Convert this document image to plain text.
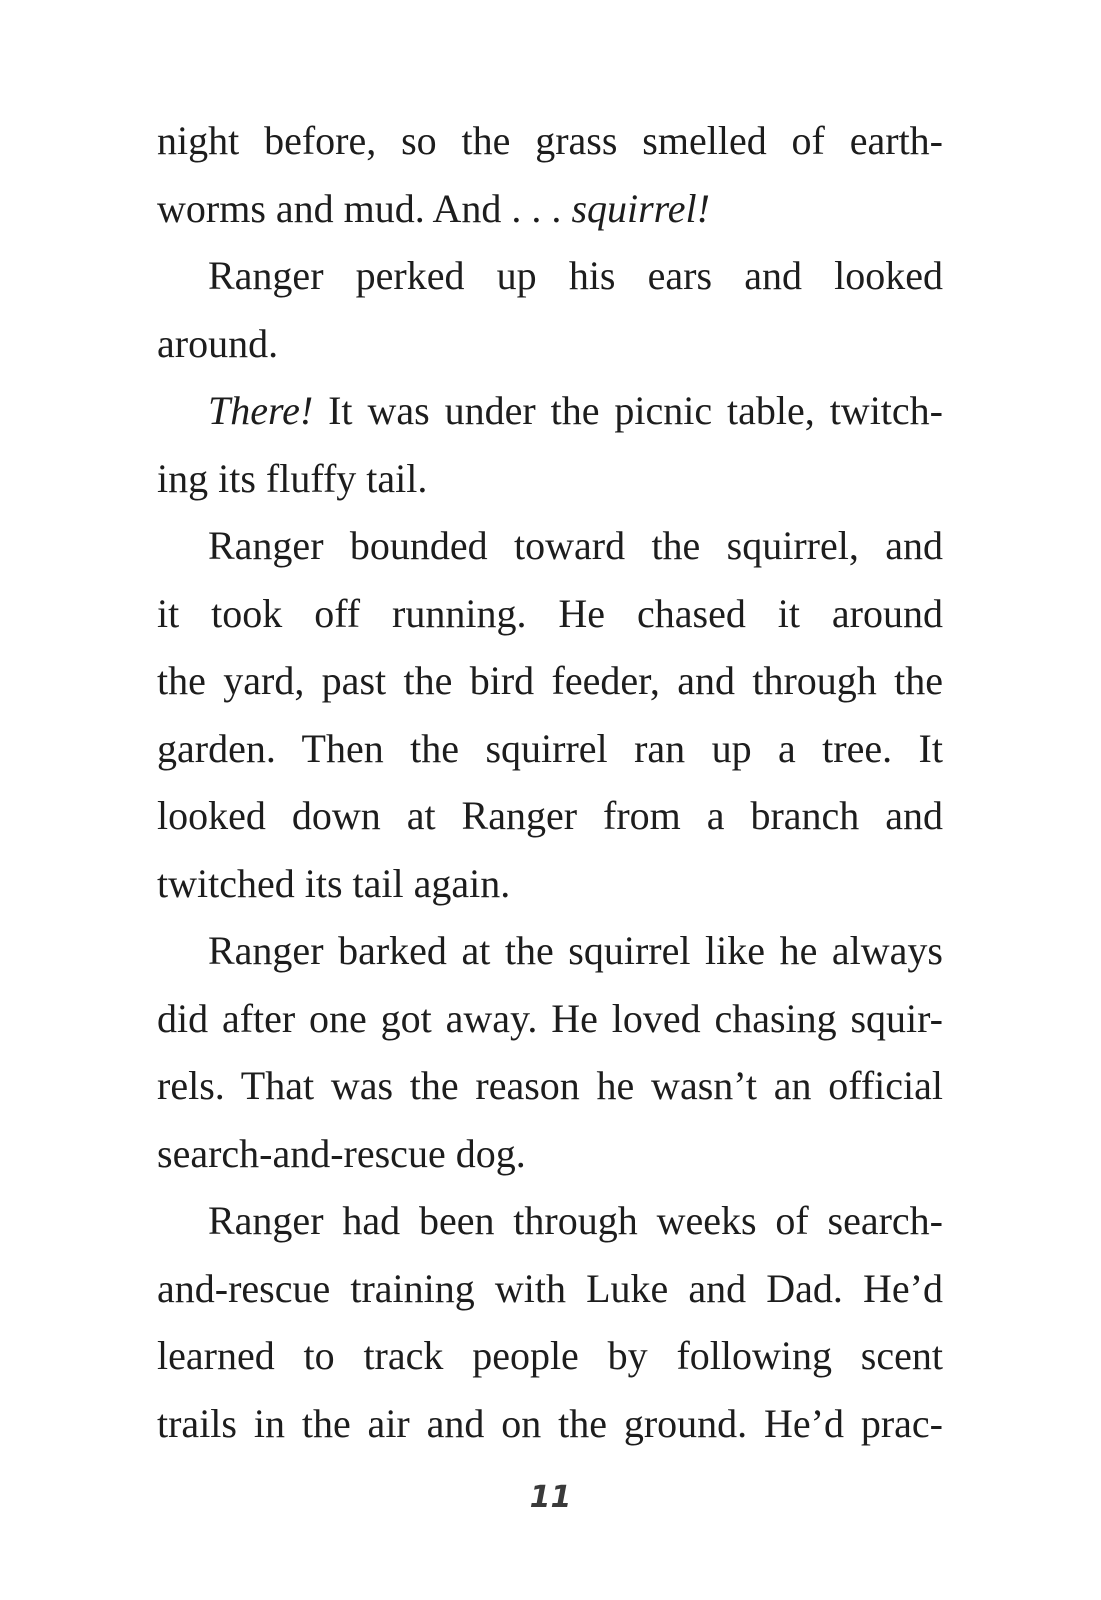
night before, so the grass smelled of earth-
worms and mud. And . . . squirrel!

Ranger perked up his ears and looked
around.

There! It was under the picnic table, twitch-
ing its fluffy tail.

Ranger bounded toward the squirrel, and
it took off running. He chased it around
the yard, past the bird feeder, and through the
garden. Then the squirrel ran up a tree. It
looked down at Ranger from a branch and
twitched its tail again.

Ranger barked at the squirrel like he always
did after one got away. He loved chasing squir-
rels. That was the reason he wasn’t an official
search-and-rescue dog.

Ranger had been through weeks of search-
and-rescue training with Luke and Dad. He’d
learned to track people by following scent
trails in the air and on the ground. He’d prac-

11
